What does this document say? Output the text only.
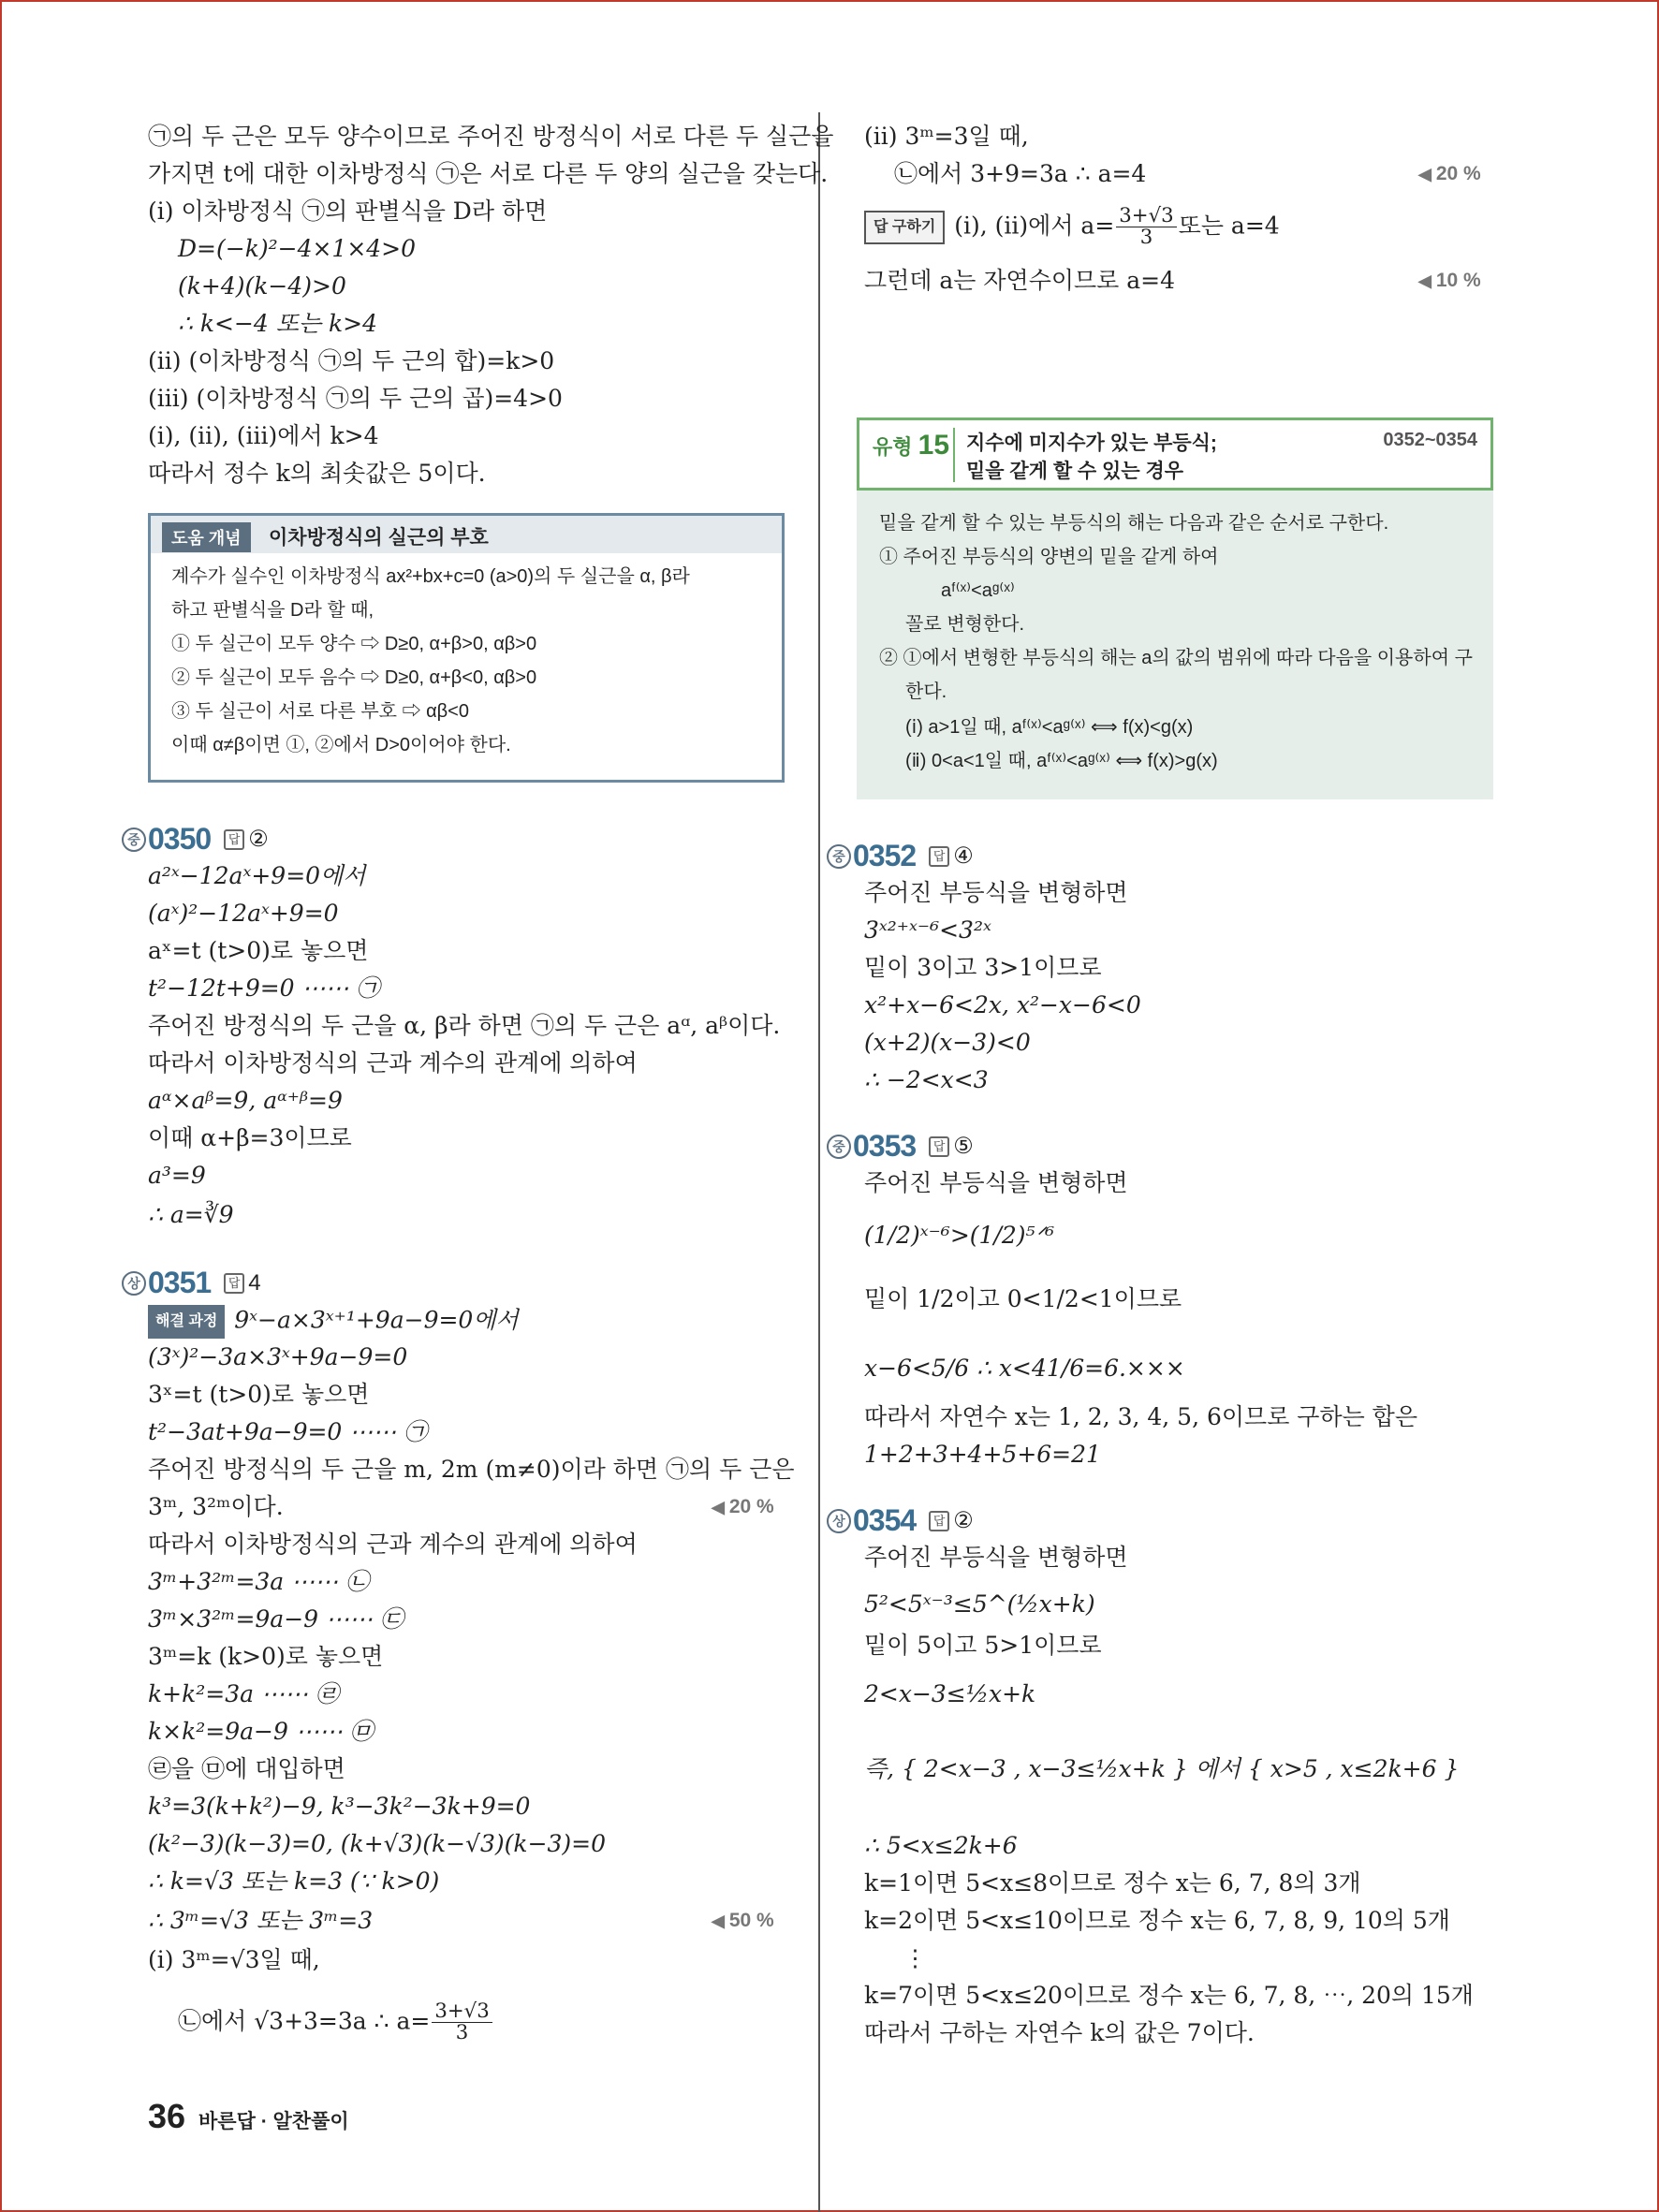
㉠의 두 근은 모두 양수이므로 주어진 방정식이 서로 다른 두 실근을
가지면 t에 대한 이차방정식 ㉠은 서로 다른 두 양의 실근을 갖는다.
(ⅰ) 이차방정식 ㉠의 판별식을 D라 하면
D=(−k)²−4×1×4>0
(k+4)(k−4)>0
∴ k<−4 또는 k>4
(ⅱ) (이차방정식 ㉠의 두 근의 합)=k>0
(ⅲ) (이차방정식 ㉠의 두 근의 곱)=4>0
(ⅰ), (ⅱ), (ⅲ)에서 k>4
따라서 정수 k의 최솟값은 5이다.
도움 개념	이차방정식의 실근의 부호
계수가 실수인 이차방정식 ax²+bx+c=0 (a>0)의 두 실근을 α, β라
하고 판별식을 D라 할 때,
① 두 실근이 모두 양수 ⇨ D≥0, α+β>0, αβ>0
② 두 실근이 모두 음수 ⇨ D≥0, α+β<0, αβ>0
③ 두 실근이 서로 다른 부호 ⇨ αβ<0
이때 α≠β이면 ①, ②에서 D>0이어야 한다.
중 0350 답 ②
a²ˣ−12aˣ+9=0에서
(aˣ)²−12aˣ+9=0
aˣ=t (t>0)로 놓으면
t²−12t+9=0 ⋯⋯ ㉠
주어진 방정식의 두 근을 α, β라 하면 ㉠의 두 근은 aᵅ, aᵝ이다.
따라서 이차방정식의 근과 계수의 관계에 의하여
aᵅ×aᵝ=9, aᵅ⁺ᵝ=9
이때 α+β=3이므로
a³=9
∴ a=∛9
상 0351 답 4
해결 과정 9ˣ−a×3ˣ⁺¹+9a−9=0에서
(3ˣ)²−3a×3ˣ+9a−9=0
3ˣ=t (t>0)로 놓으면
t²−3at+9a−9=0 ⋯⋯ ㉠
주어진 방정식의 두 근을 m, 2m (m≠0)이라 하면 ㉠의 두 근은
3ᵐ, 3²ᵐ이다.	◀ 20 %
따라서 이차방정식의 근과 계수의 관계에 의하여
3ᵐ+3²ᵐ=3a ⋯⋯ ㉡
3ᵐ×3²ᵐ=9a−9 ⋯⋯ ㉢
3ᵐ=k (k>0)로 놓으면
k+k²=3a ⋯⋯ ㉣
k×k²=9a−9 ⋯⋯ ㉤
㉣을 ㉤에 대입하면
k³=3(k+k²)−9, k³−3k²−3k+9=0
(k²−3)(k−3)=0, (k+√3)(k−√3)(k−3)=0
∴ k=√3 또는 k=3 (∵ k>0)
∴ 3ᵐ=√3 또는 3ᵐ=3	◀ 50 %
(ⅰ) 3ᵐ=√3일 때,
㉡에서 √3+3=3a ∴ $a= \frac{3+√3}{3}$
36 바른답 · 알찬풀이
(ⅱ) 3ᵐ=3일 때,
㉡에서 3+9=3a ∴ a=4	◀ 20 %
답 구하기 (ⅰ), (ⅱ)에서 $a= \frac{3+√3}{3}$ 또는 a=4
그런데 a는 자연수이므로 a=4	◀ 10 %
유형 15 지수에 미지수가 있는 부등식;
밑을 같게 할 수 있는 경우
0352~0354
밑을 같게 할 수 있는 부등식의 해는 다음과 같은 순서로 구한다.
① 주어진 부등식의 양변의 밑을 같게 하여
aᶠ⁽ˣ⁾<aᵍ⁽ˣ⁾
꼴로 변형한다.
② ①에서 변형한 부등식의 해는 a의 값의 범위에 따라 다음을 이용하여 구
한다.
(ⅰ) a>1일 때, aᶠ⁽ˣ⁾<aᵍ⁽ˣ⁾ ⟺ f(x)<g(x)
(ⅱ) 0<a<1일 때, aᶠ⁽ˣ⁾<aᵍ⁽ˣ⁾ ⟺ f(x)>g(x)
중 0352 답 ④
주어진 부등식을 변형하면
3ˣ²⁺ˣ⁻⁶<3²ˣ
밑이 3이고 3>1이므로
x²+x−6<2x, x²−x−6<0
(x+2)(x−3)<0
∴ −2<x<3
중 0353 답 ⑤
주어진 부등식을 변형하면
(1/2)ˣ⁻⁶>(1/2)⁵ᐟ⁶
밑이 1/2이고 0<1/2<1이므로
x−6<5/6 ∴ x<41/6=6.×××
따라서 자연수 x는 1, 2, 3, 4, 5, 6이므로 구하는 합은
1+2+3+4+5+6=21
상 0354 답 ②
주어진 부등식을 변형하면
5²<5ˣ⁻³≤5^(½x+k)
밑이 5이고 5>1이므로
2<x−3≤½x+k
즉, { 2<x−3 , x−3≤½x+k } 에서 { x>5 , x≤2k+6 }
∴ 5<x≤2k+6
k=1이면 5<x≤8이므로 정수 x는 6, 7, 8의 3개
k=2이면 5<x≤10이므로 정수 x는 6, 7, 8, 9, 10의 5개
⋮
k=7이면 5<x≤20이므로 정수 x는 6, 7, 8, ⋯, 20의 15개
따라서 구하는 자연수 k의 값은 7이다.
